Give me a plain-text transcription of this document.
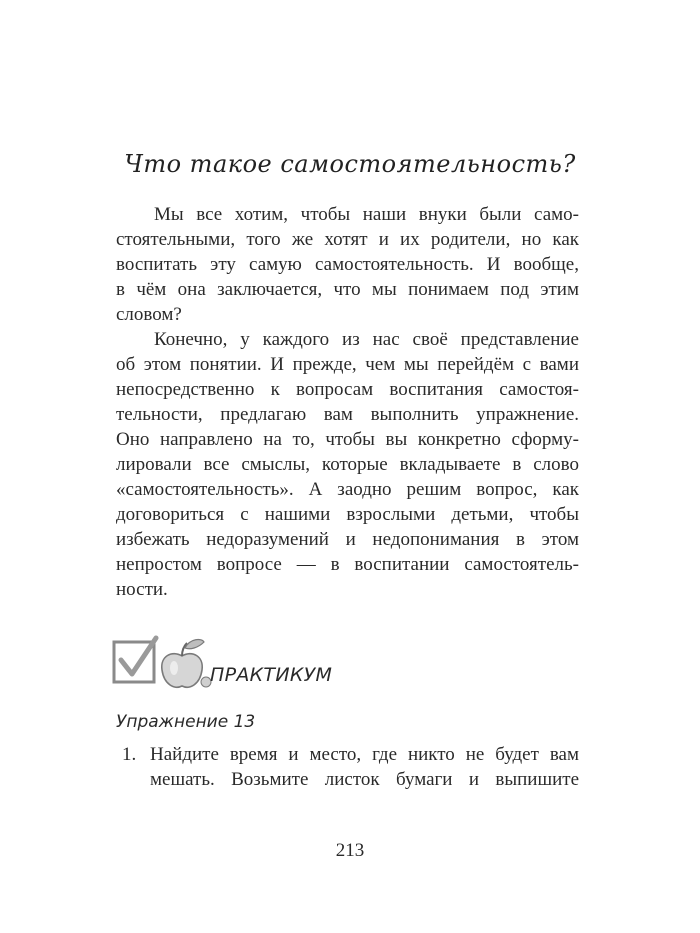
Что такое самостоятельность?
Мы все хотим, чтобы наши внуки были само-
стоятельными, того же хотят и их родители, но как
воспитать эту самую самостоятельность. И вообще,
в чём она заключается, что мы понимаем под этим
словом?
Конечно, у каждого из нас своё представление
об этом понятии. И прежде, чем мы перейдём с вами
непосредственно к вопросам воспитания самостоя-
тельности, предлагаю вам выполнить упражнение.
Оно направлено на то, чтобы вы конкретно сформу-
лировали все смыслы, которые вкладываете в слово
«самостоятельность». А заодно решим вопрос, как
договориться с нашими взрослыми детьми, чтобы
избежать недоразумений и недопонимания в этом
непростом вопросе — в воспитании самостоятель-
ности.
ПРАКТИКУМ
Упражнение 13
1. Найдите время и место, где никто не будет вам
мешать. Возьмите листок бумаги и выпишите
213
